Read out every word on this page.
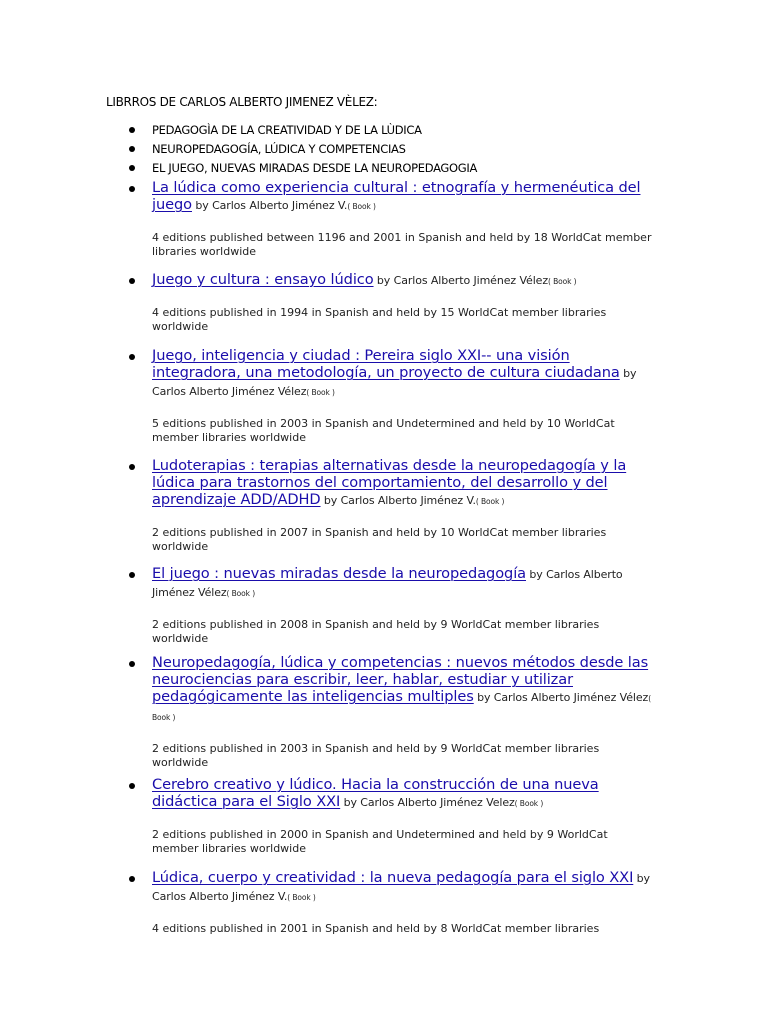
LIBRROS DE CARLOS ALBERTO JIMENEZ VÈLEZ:
PEDAGOGÌA DE LA CREATIVIDAD Y DE LA LÙDICA
NEUROPEDAGOGÍA, LÚDICA Y COMPETENCIAS
EL JUEGO, NUEVAS MIRADAS DESDE LA NEUROPEDAGOGIA
La lúdica como experiencia cultural : etnografía y hermenéutica del juego by Carlos Alberto Jiménez V.( Book )
4 editions published between 1196 and 2001 in Spanish and held by 18 WorldCat member libraries worldwide
Juego y cultura : ensayo lúdico by Carlos Alberto Jiménez Vélez( Book )
4 editions published in 1994 in Spanish and held by 15 WorldCat member libraries worldwide
Juego, inteligencia y ciudad : Pereira siglo XXI-- una visión integradora, una metodología, un proyecto de cultura ciudadana by Carlos Alberto Jiménez Vélez( Book )
5 editions published in 2003 in Spanish and Undetermined and held by 10 WorldCat member libraries worldwide
Ludoterapias : terapias alternativas desde la neuropedagogía y la lúdica para trastornos del comportamiento, del desarrollo y del aprendizaje ADD/ADHD by Carlos Alberto Jiménez V.( Book )
2 editions published in 2007 in Spanish and held by 10 WorldCat member libraries worldwide
El juego : nuevas miradas desde la neuropedagogía by Carlos Alberto Jiménez Vélez( Book )
2 editions published in 2008 in Spanish and held by 9 WorldCat member libraries worldwide
Neuropedagogía, lúdica y competencias : nuevos métodos desde las neurociencias para escribir, leer, hablar, estudiar y utilizar pedagógicamente las inteligencias multiples by Carlos Alberto Jiménez Vélez( Book )
2 editions published in 2003 in Spanish and held by 9 WorldCat member libraries worldwide
Cerebro creativo y lúdico. Hacia la construcción de una nueva didáctica para el Siglo XXI by Carlos Alberto Jiménez Velez( Book )
2 editions published in 2000 in Spanish and Undetermined and held by 9 WorldCat member libraries worldwide
Lúdica, cuerpo y creatividad : la nueva pedagogía para el siglo XXI by Carlos Alberto Jiménez V.( Book )
4 editions published in 2001 in Spanish and held by 8 WorldCat member libraries
